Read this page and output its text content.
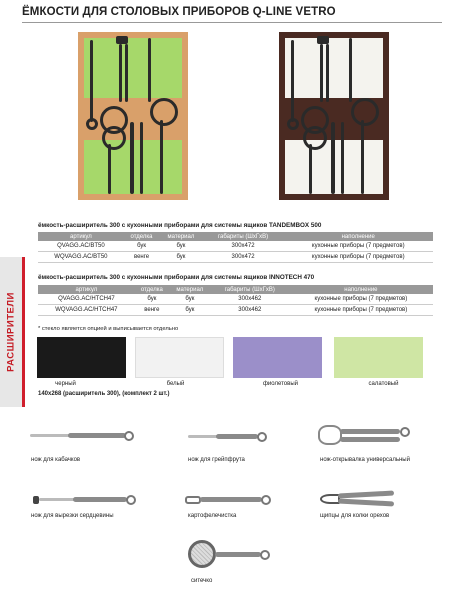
ЁМКОСТИ ДЛЯ СТОЛОВЫХ ПРИБОРОВ Q-LINE VETRO
РАСШИРИТЕЛИ
ёмкость-расширитель 300 с кухонными приборами для системы ящиков TANDEMBOX 500
артикул	отделка	материал	габариты (ШхГхВ)	наполнение
QVAGG.AC/BT50	бук	бук	300x472	кухонные приборы (7 предметов)
WQVAGG.AC/BT50	венге	бук	300x472	кухонные приборы (7 предметов)
ёмкость-расширитель 300 с кухонными приборами для системы ящиков INNOTECH 470
артикул	отделка	материал	габариты (ШхГхВ)	наполнение
QVAGG.AC/HTCH47	бук	бук	300x462	кухонные приборы (7 предметов)
WQVAGG.AC/HTCH47	венге	бук	300x462	кухонные приборы (7 предметов)
* стекло является опцией и выписывается отдельно
черный	белый	фиолетовый	салатовый
140x268 (расширитель 300), (комплект 2 шт.)
нож для кабачков	нож для грейпфрута	нож-открывалка универсальный
нож для вырезки сердцевины	картофелечистка	щипцы для колки орехов
ситечко
